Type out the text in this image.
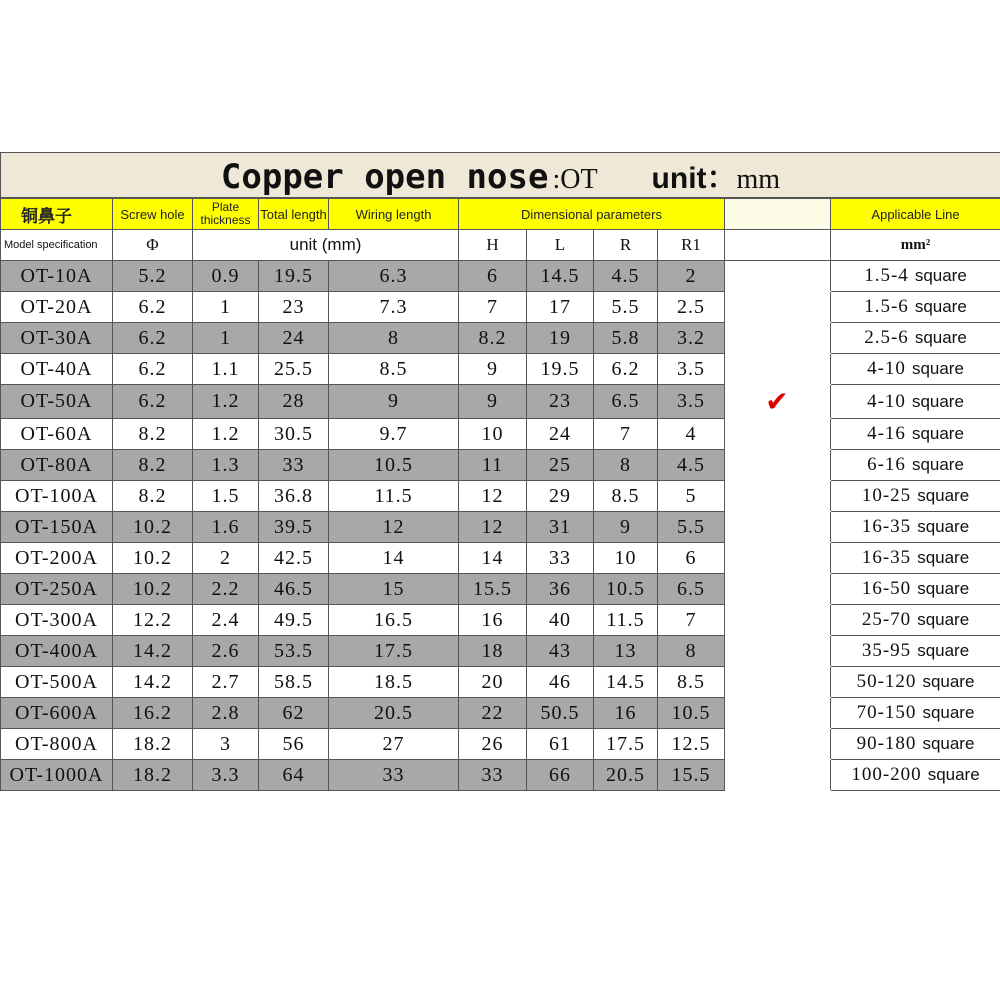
Copper open nose :OT unit：mm										
铜鼻子	Screw hole	Plate
thickness	Total length	Wiring length	Dimensional parameters					Applicable Line
Model specification	Φ	unit (mm)			H	L	R	R1		mm²
OT-10A	5.2	0.9	19.5	6.3	6	14.5	4.5	2		1.5-4 square
OT-20A	6.2	1	23	7.3	7	17	5.5	2.5		1.5-6 square
OT-30A	6.2	1	24	8	8.2	19	5.8	3.2		2.5-6 square
OT-40A	6.2	1.1	25.5	8.5	9	19.5	6.2	3.5		4-10 square
OT-50A	6.2	1.2	28	9	9	23	6.5	3.5	✔	4-10 square
OT-60A	8.2	1.2	30.5	9.7	10	24	7	4		4-16 square
OT-80A	8.2	1.3	33	10.5	11	25	8	4.5		6-16 square
OT-100A	8.2	1.5	36.8	11.5	12	29	8.5	5		10-25 square
OT-150A	10.2	1.6	39.5	12	12	31	9	5.5		16-35 square
OT-200A	10.2	2	42.5	14	14	33	10	6		16-35 square
OT-250A	10.2	2.2	46.5	15	15.5	36	10.5	6.5		16-50 square
OT-300A	12.2	2.4	49.5	16.5	16	40	11.5	7		25-70 square
OT-400A	14.2	2.6	53.5	17.5	18	43	13	8		35-95 square
OT-500A	14.2	2.7	58.5	18.5	20	46	14.5	8.5		50-120 square
OT-600A	16.2	2.8	62	20.5	22	50.5	16	10.5		70-150 square
OT-800A	18.2	3	56	27	26	61	17.5	12.5		90-180 square
OT-1000A	18.2	3.3	64	33	33	66	20.5	15.5		100-200 square
